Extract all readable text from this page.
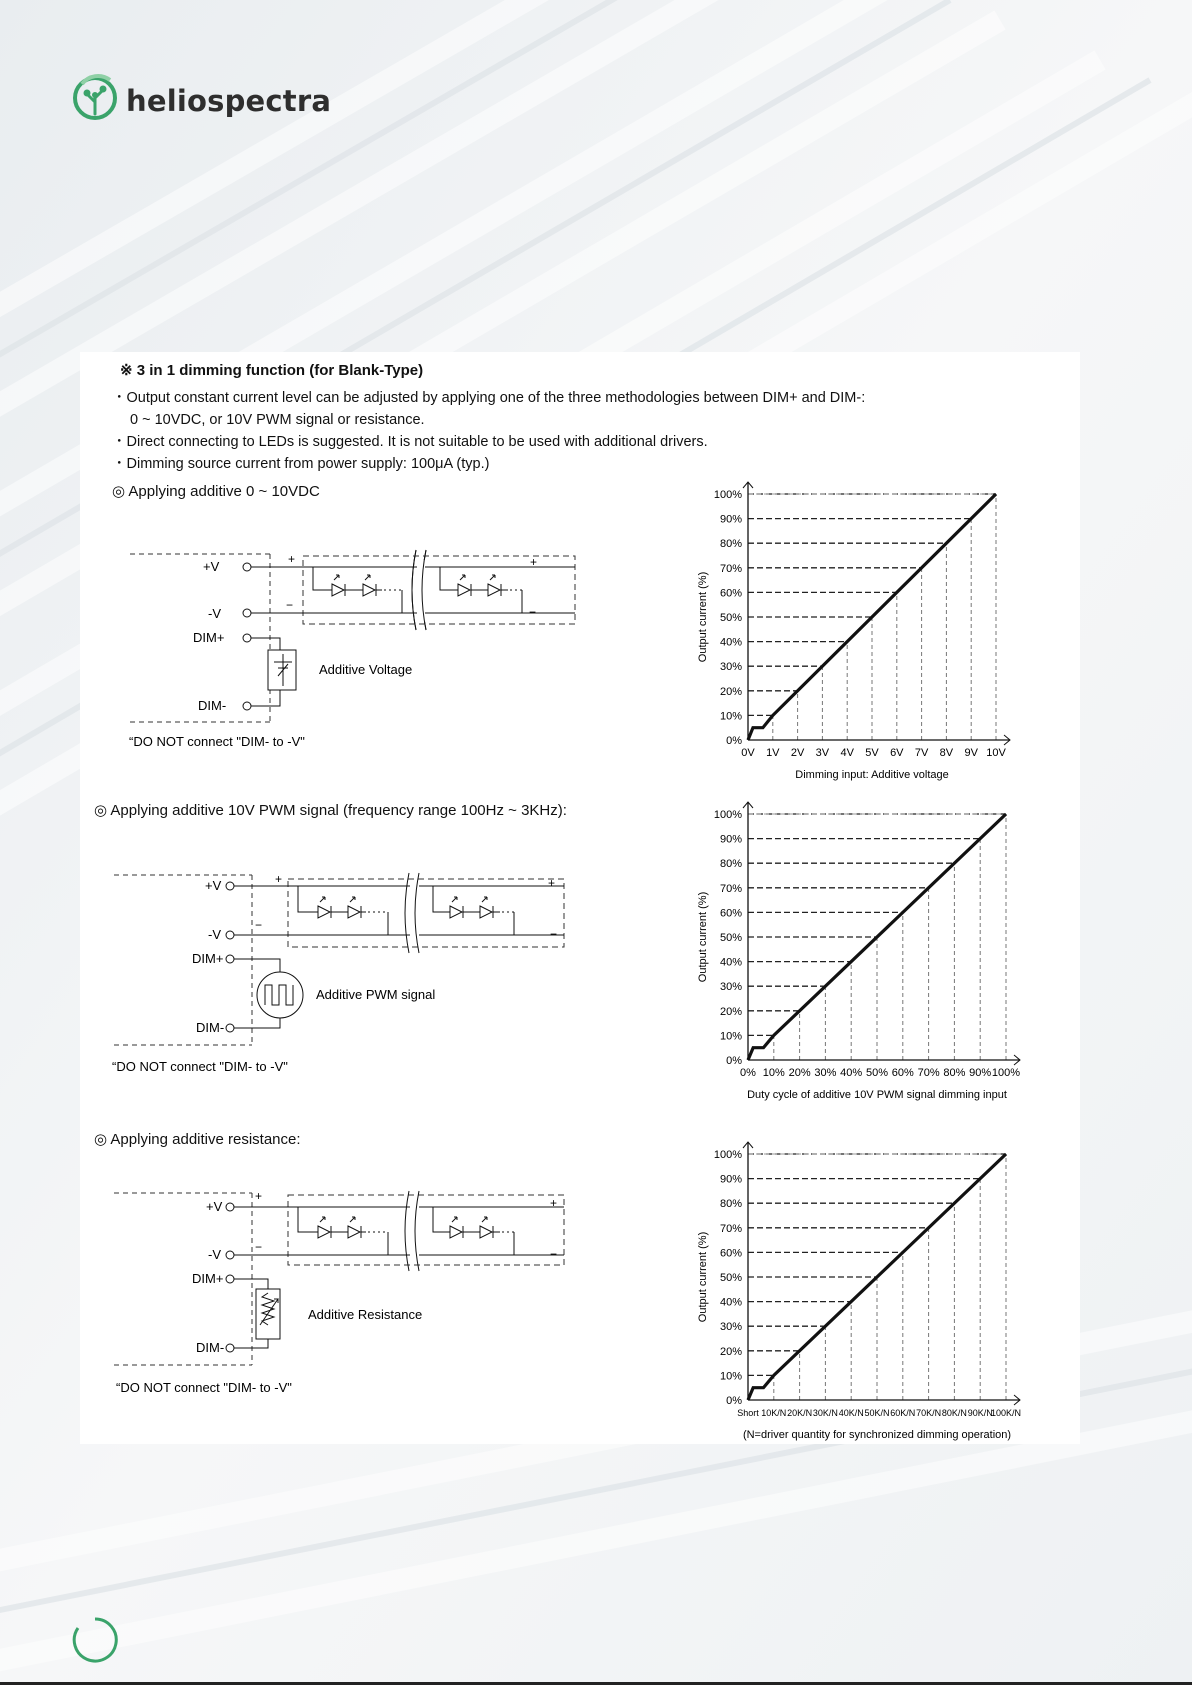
heliospectra
※ 3 in 1 dimming function (for Blank-Type)
・Output constant current level can be adjusted by applying one of the three methodologies between DIM+ and DIM-:
0 ~ 10VDC, or 10V PWM signal or resistance.
・Direct connecting to LEDs is suggested. It is not suitable to be used with additional drivers.
・Dimming source current from power supply: 100μA (typ.)
◎ Applying additive 0 ~ 10VDC
◎ Applying additive 10V PWM signal (frequency range 100Hz ~ 3KHz):
◎ Applying additive resistance:
+	+
−	−
+V
-V
DIM+
DIM-
Additive Voltage
“DO NOT connect "DIM- to -V"
+	+
−
−
+V
-V
DIM+
DIM-
Additive PWM signal
“DO NOT connect "DIM- to -V"
+	+
−	−
+V
-V
DIM+
DIM-
Additive Resistance
“DO NOT connect "DIM- to -V"
0%
10%
20%
30%
40%
50%
60%
70%
80%
90%
100%
0V 1V 2V 3V 4V 5V 6V 7V 8V 9V 10V
Output current (%)
Dimming input: Additive voltage
0%
10%
20%
30%
40%
50%
60%
70%
80%
90%
100%
0% 10% 20% 30% 40% 50% 60% 70% 80% 90% 100%
Output current (%)
Duty cycle of additive 10V PWM signal dimming input
0%
10%
20%
30%
40%
50%
60%
70%
80%
90%
100%
Short 10K/N 20K/N 30K/N 40K/N 50K/N 60K/N 70K/N 80K/N 90K/N
100K/N
Output current (%)
(N=driver quantity for synchronized dimming operation)
